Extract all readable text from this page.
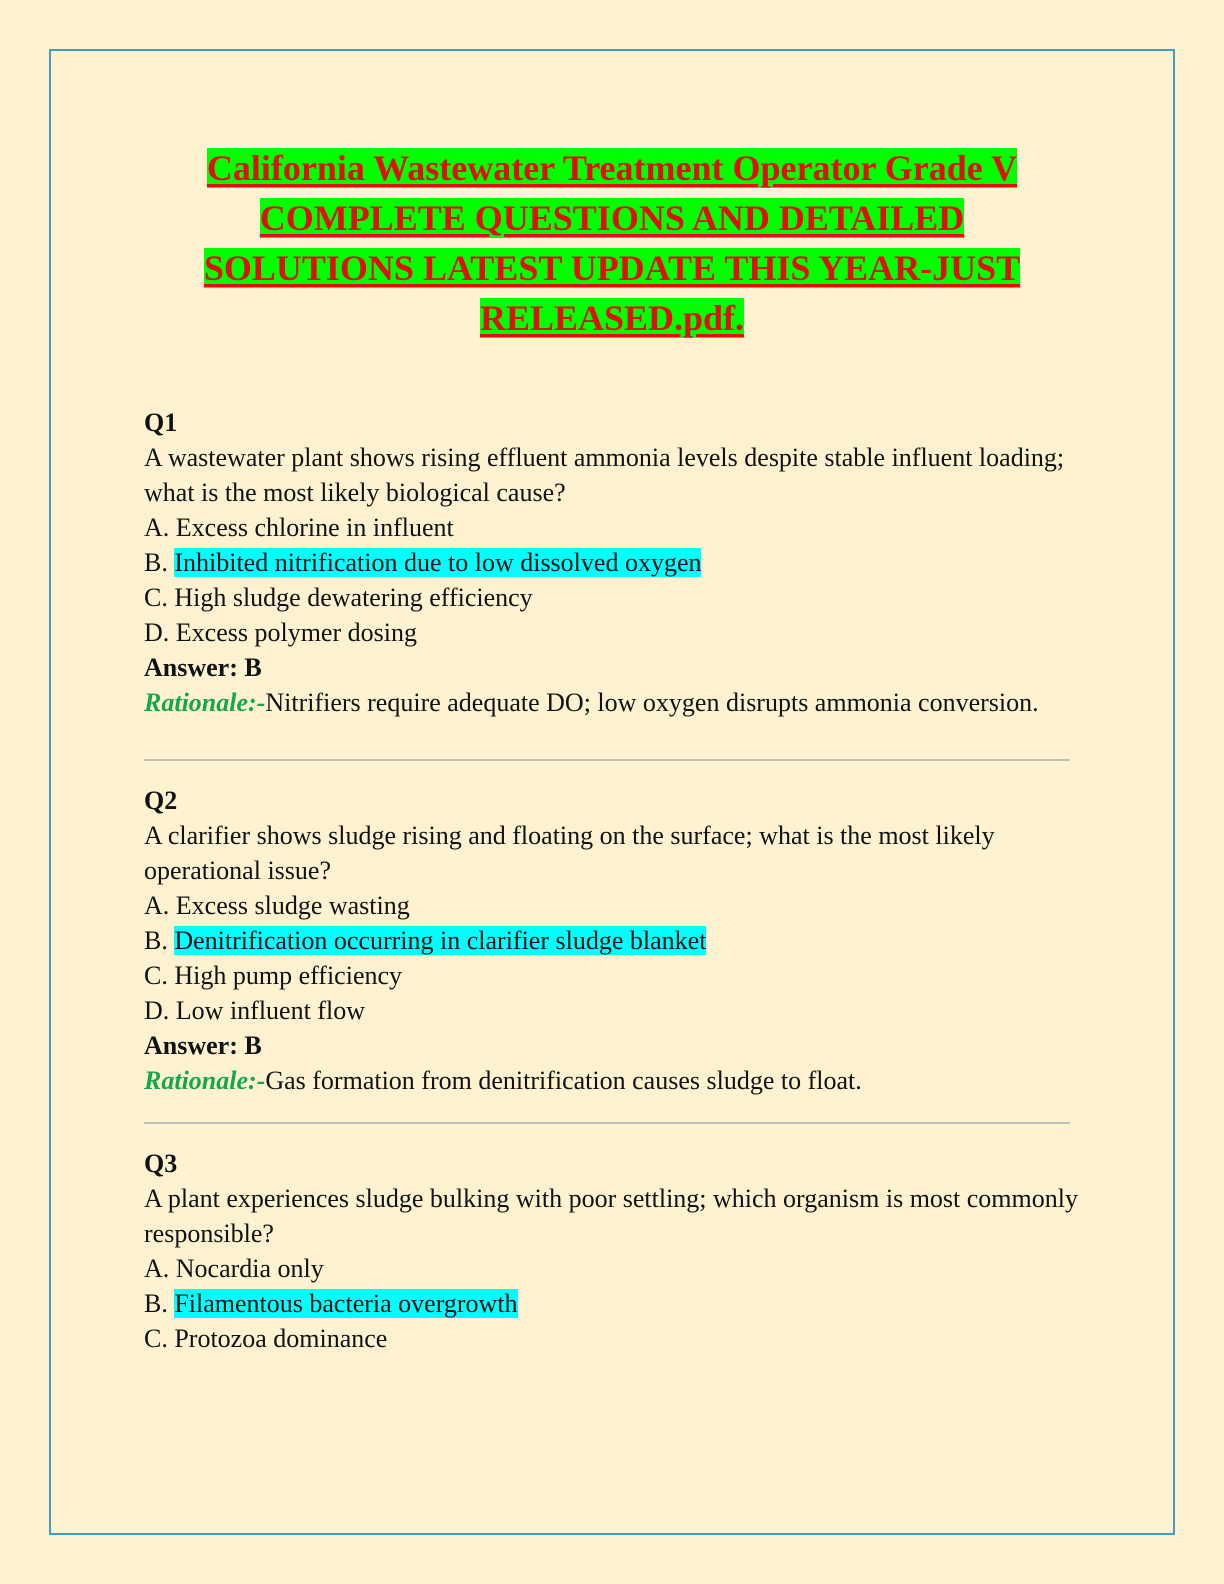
California Wastewater Treatment Operator Grade V
COMPLETE QUESTIONS AND DETAILED
SOLUTIONS LATEST UPDATE THIS YEAR-JUST
RELEASED.pdf.
Q1
A wastewater plant shows rising effluent ammonia levels despite stable influent loading; what is the most likely biological cause?
A. Excess chlorine in influent
B. Inhibited nitrification due to low dissolved oxygen
C. High sludge dewatering efficiency
D. Excess polymer dosing
Answer: B
Rationale:-Nitrifiers require adequate DO; low oxygen disrupts ammonia conversion.
Q2
A clarifier shows sludge rising and floating on the surface; what is the most likely operational issue?
A. Excess sludge wasting
B. Denitrification occurring in clarifier sludge blanket
C. High pump efficiency
D. Low influent flow
Answer: B
Rationale:-Gas formation from denitrification causes sludge to float.
Q3
A plant experiences sludge bulking with poor settling; which organism is most commonly responsible?
A. Nocardia only
B. Filamentous bacteria overgrowth
C. Protozoa dominance
